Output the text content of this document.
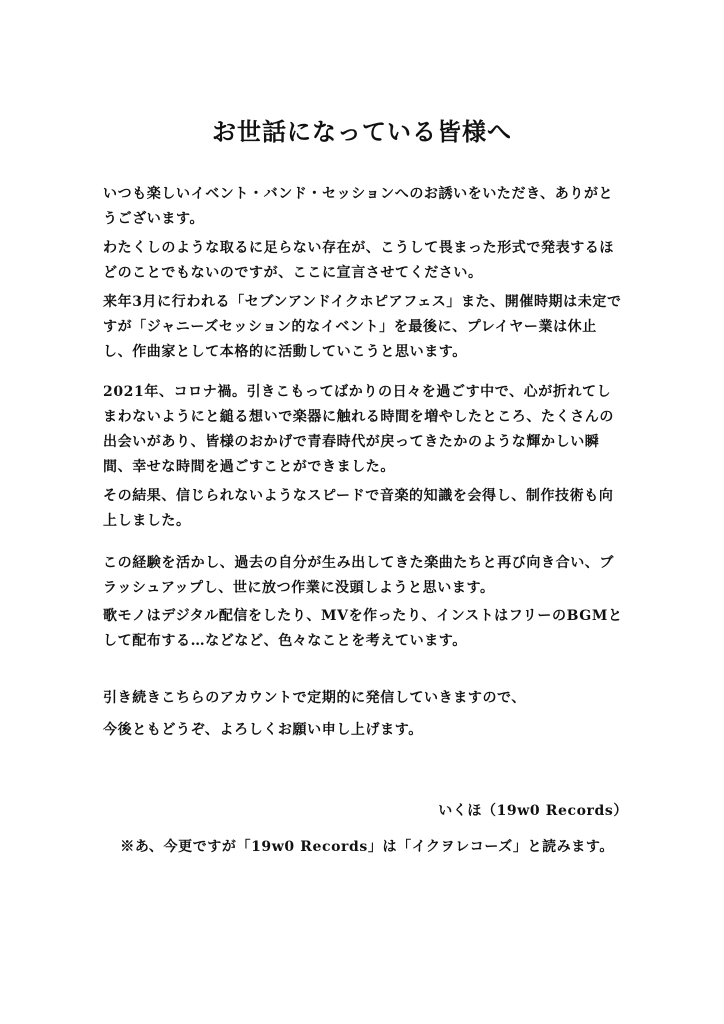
お世話になっている皆様へ

いつも楽しいイベント・バンド・セッションへのお誘いをいただき、ありがとうございます。

わたくしのような取るに足らない存在が、こうして畏まった形式で発表するほどのことでもないのですが、ここに宣言させてください。

来年3月に行われる「セブンアンドイクホピアフェス」また、開催時期は未定ですが「ジャニーズセッション的なイベント」を最後に、プレイヤー業は休止し、作曲家として本格的に活動していこうと思います。

2021年、コロナ禍。引きこもってばかりの日々を過ごす中で、心が折れてしまわないようにと縋る想いで楽器に触れる時間を増やしたところ、たくさんの出会いがあり、皆様のおかげで青春時代が戻ってきたかのような輝かしい瞬間、幸せな時間を過ごすことができました。

その結果、信じられないようなスピードで音楽的知識を会得し、制作技術も向上しました。

この経験を活かし、過去の自分が生み出してきた楽曲たちと再び向き合い、ブラッシュアップし、世に放つ作業に没頭しようと思います。

歌モノはデジタル配信をしたり、MVを作ったり、インストはフリーのBGMとして配布する…などなど、色々なことを考えています。

引き続きこちらのアカウントで定期的に発信していきますので、

今後ともどうぞ、よろしくお願い申し上げます。

いくほ（19w0 Records）

※あ、今更ですが「19w0 Records」は「イクヲレコーズ」と読みます。
